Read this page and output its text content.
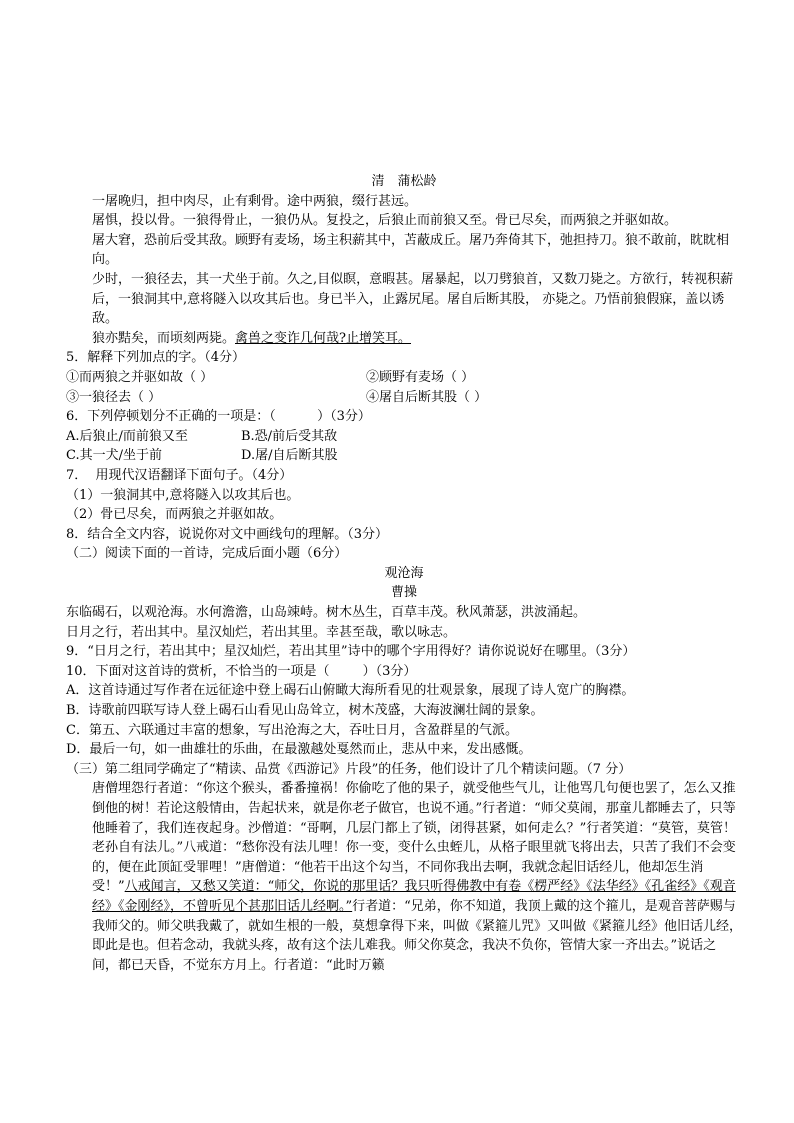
清　蒲松龄
一屠晚归，担中肉尽，止有剩骨。途中两狼，缀行甚远。
屠惧，投以骨。一狼得骨止，一狼仍从。复投之，后狼止而前狼又至。骨已尽矣，而两狼之并驱如故。
屠大窘，恐前后受其敌。顾野有麦场，场主积薪其中，苫蔽成丘。屠乃奔倚其下，弛担持刀。狼不敢前，眈眈相向。
少时，一狼径去，其一犬坐于前。久之,目似瞑，意暇甚。屠暴起，以刀劈狼首，又数刀毙之。方欲行，转视积薪后，一狼洞其中,意将隧入以攻其后也。身已半入，止露尻尾。屠自后断其股， 亦毙之。乃悟前狼假寐，盖以诱敌。
狼亦黠矣，而顷刻两毙。禽兽之变诈几何哉?止增笑耳。
5．解释下列加点的字。（4分）
①而两狼之并驱如故（ ）	②顾野有麦场（ ）
③一狼径去（ ）	④屠自后断其股（ ）
6．下列停顿划分不正确的一项是：（          ）（3分）
A.后狼止/而前狼又至	B.恐/前后受其敌
C.其一犬/坐于前	D.屠/自后断其股
7．  用现代汉语翻译下面句子。（4分）
（1）一狼洞其中,意将隧入以攻其后也。
（2）骨已尽矣，而两狼之并驱如故。
8．结合全文内容，说说你对文中画线句的理解。（3分）
（二）阅读下面的一首诗，完成后面小题（6分）
观沧海
曹操
东临碣石，以观沧海。水何澹澹，山岛竦峙。树木丛生，百草丰茂。秋风萧瑟，洪波涌起。
日月之行，若出其中。星汉灿烂，若出其里。幸甚至哉，歌以咏志。
9．“日月之行，若出其中；星汉灿烂，若出其里”诗中的哪个字用得好？请你说说好在哪里。（3分）
10．下面对这首诗的赏析，不恰当的一项是（        ）（3分）
A．这首诗通过写作者在远征途中登上碣石山俯瞰大海所看见的壮观景象，展现了诗人宽广的胸襟。
B．诗歌前四联写诗人登上碣石山看见山岛耸立，树木茂盛，大海波澜壮阔的景象。
C．第五、六联通过丰富的想象，写出沧海之大，吞吐日月，含盈群星的气派。
D．最后一句，如一曲雄壮的乐曲，在最激越处戛然而止，悲从中来，发出感慨。
（三）第二组同学确定了“精读、品赏《西游记》片段”的任务，他们设计了几个精读问题。（7 分）
唐僧埋怨行者道：“你这个猴头，番番撞祸！你偷吃了他的果子，就受他些气儿，让他骂几句便也罢了，怎么又推倒他的树！若论这般情由，告起状来，就是你老子做官，也说不通。”行者道：“师父莫闹，那童儿都睡去了，只等他睡着了，我们连夜起身。沙僧道：“哥啊，几层门都上了锁，闭得甚紧，如何走么？”行者笑道：“莫管，莫管！老孙自有法儿。”八戒道：“愁你没有法儿哩！你一变，变什么虫蛭儿，从格子眼里就飞将出去，只苦了我们不会变的，便在此顶缸受罪哩！”唐僧道：“他若干出这个勾当，不同你我出去啊，我就念起旧话经儿，他却怎生消受！”八戒闻言，又愁又笑道：“师父，你说的那里话？我只听得佛教中有卷《楞严经》《法华经》《孔雀经》《观音经》《金刚经》，不曾听见个甚那旧话儿经啊。”行者道：“兄弟，你不知道，我顶上戴的这个箍儿，是观音菩萨赐与我师父的。师父哄我戴了，就如生根的一般，莫想拿得下来，叫做《紧箍儿咒》又叫做《紧箍儿经》他旧话儿经，即此是也。但若念动，我就头疼，故有这个法儿难我。师父你莫念，我决不负你，管情大家一齐出去。”说话之间，都已天昏，不觉东方月上。行者道：“此时万籁
